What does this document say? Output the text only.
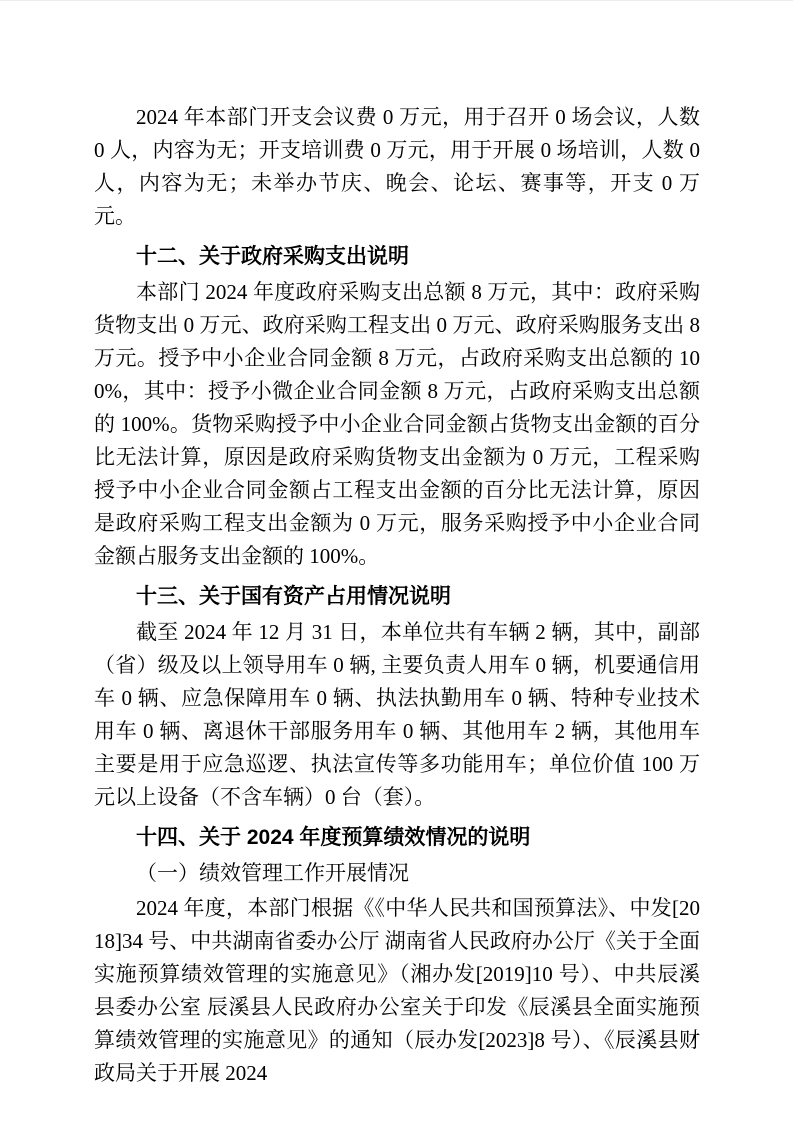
2024 年本部门开支会议费 0 万元，用于召开 0 场会议，人数 0 人，内容为无；开支培训费 0 万元，用于开展 0 场培训，人数 0 人，内容为无；未举办节庆、晚会、论坛、赛事等，开支 0 万元。

十二、关于政府采购支出说明

本部门 2024 年度政府采购支出总额 8 万元，其中：政府采购货物支出 0 万元、政府采购工程支出 0 万元、政府采购服务支出 8 万元。授予中小企业合同金额 8 万元，占政府采购支出总额的 100%，其中：授予小微企业合同金额 8 万元，占政府采购支出总额的 100%。货物采购授予中小企业合同金额占货物支出金额的百分比无法计算，原因是政府采购货物支出金额为 0 万元，工程采购授予中小企业合同金额占工程支出金额的百分比无法计算，原因是政府采购工程支出金额为 0 万元，服务采购授予中小企业合同金额占服务支出金额的 100%。

十三、关于国有资产占用情况说明

截至 2024 年 12 月 31 日，本单位共有车辆 2 辆，其中，副部（省）级及以上领导用车 0 辆, 主要负责人用车 0 辆，机要通信用车 0 辆、应急保障用车 0 辆、执法执勤用车 0 辆、特种专业技术用车 0 辆、离退休干部服务用车 0 辆、其他用车 2 辆，其他用车主要是用于应急巡逻、执法宣传等多功能用车；单位价值 100 万元以上设备（不含车辆）0 台（套）。

十四、关于 2024 年度预算绩效情况的说明
（一）绩效管理工作开展情况

2024 年度，本部门根据《《中华人民共和国预算法》、中发[2018]34 号、中共湖南省委办公厅 湖南省人民政府办公厅《关于全面实施预算绩效管理的实施意见》（湘办发[2019]10 号）、中共辰溪县委办公室 辰溪县人民政府办公室关于印发《辰溪县全面实施预算绩效管理的实施意见》的通知（辰办发[2023]8 号）、《辰溪县财政局关于开展 2024
